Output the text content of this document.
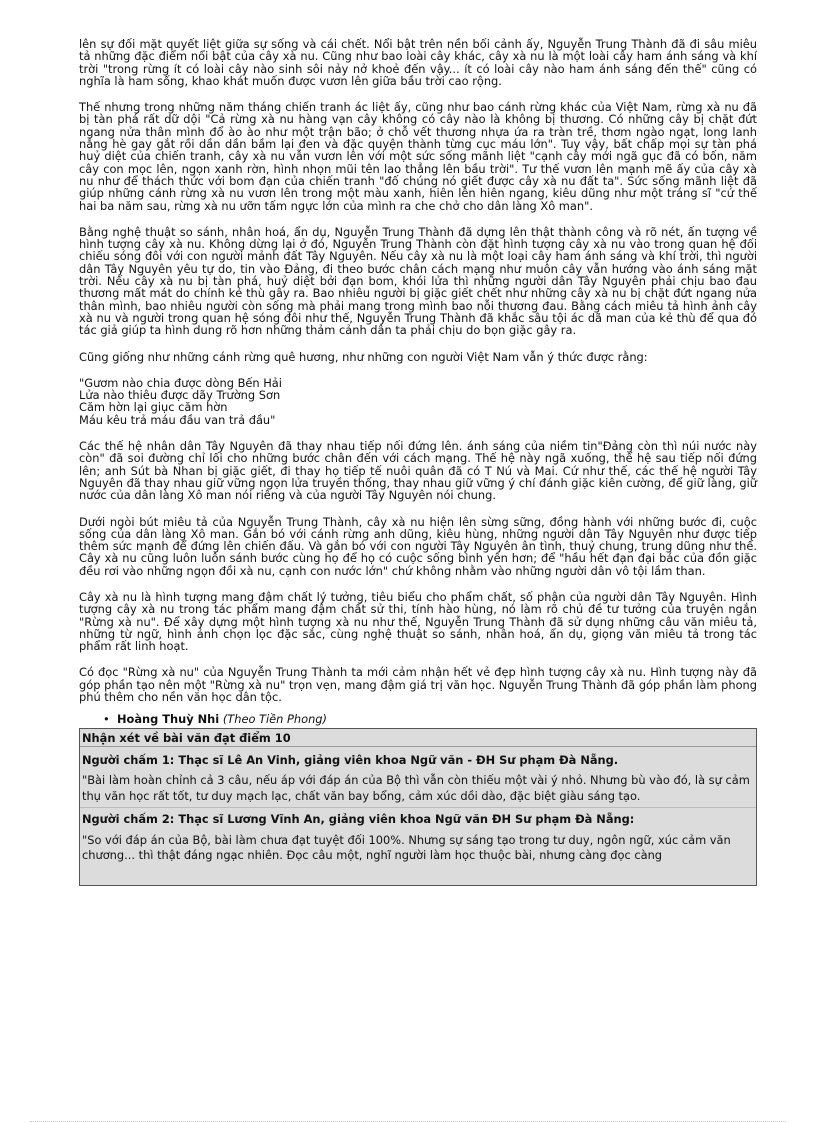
lên sự đối mặt quyết liệt giữa sự sống và cái chết. Nổi bật trên nền bối cảnh ấy, Nguyễn Trung Thành đã đi sâu miêu tả những đặc điểm nổi bật của cây xà nu. Cũng như bao loài cây khác, cây xà nu là một loài cây ham ánh sáng và khí trời "trong rừng ít có loài cây nào sinh sôi nảy nở khoẻ đến vậy... ít có loài cây nào ham ánh sáng đến thế" cũng có nghĩa là ham sống, khao khát muốn được vươn lên giữa bầu trời cao rộng.

Thế nhưng trong những năm tháng chiến tranh ác liệt ấy, cũng như bao cánh rừng khác của Việt Nam, rừng xà nu đã bị tàn phá rất dữ dội "Cả rừng xà nu hàng vạn cây không có cây nào là không bị thương. Có những cây bị chặt đứt ngang nửa thân mình đổ ào ào như một trận bão; ở chỗ vết thương nhựa ứa ra tràn trề, thơm ngào ngạt, long lanh nắng hè gay gắt rồi dần dần bầm lại đen và đặc quyện thành từng cục máu lớn". Tuy vậy, bất chấp mọi sự tàn phá huỷ diệt của chiến tranh, cây xà nu vẫn vươn lên với một sức sống mãnh liệt "cạnh cây mới ngã gục đã có bốn, năm cây con mọc lên, ngọn xanh rờn, hình nhọn mũi tên lao thẳng lên bầu trời". Tư thế vươn lên mạnh mẽ ấy của cây xà nu như để thách thức với bom đạn của chiến tranh "đố chúng nó giết được cây xà nu đất ta". Sức sống mãnh liệt đã giúp những cánh rừng xà nu vươn lên trong một màu xanh, hiên lên hiên ngang, kiêu dũng như một tráng sĩ "cứ thế hai ba năm sau, rừng xà nu ưỡn tấm ngực lớn của mình ra che chở cho dân làng Xô man".

Bằng nghệ thuật so sánh, nhân hoá, ẩn dụ, Nguyễn Trung Thành đã dựng lên thật thành công và rõ nét, ấn tượng về hình tượng cây xà nu. Không dừng lại ở đó, Nguyễn Trung Thành còn đặt hình tượng cây xà nu vào trong quan hệ đối chiếu sóng đôi với con người mảnh đất Tây Nguyên. Nếu cây xà nu là một loại cây ham ánh sáng và khí trời, thì người dân Tây Nguyên yêu tự do, tin vào Đảng, đi theo bước chân cách mạng như muôn cây vẫn hướng vào ánh sáng mặt trời. Nếu cây xà nu bị tàn phá, huỷ diệt bởi đạn bom, khói lửa thì những người dân Tây Nguyên phải chịu bao đau thương mất mát do chính kẻ thù gây ra. Bao nhiêu người bị giặc giết chết như những cây xà nu bị chặt đứt ngang nửa thân mình, bao nhiêu người còn sống mà phải mang trong mình bao nỗi thương đau. Bằng cách miêu tả hình ảnh cây xà nu và người trong quan hệ sóng đôi như thế, Nguyễn Trung Thành đã khắc sâu tội ác dã man của kẻ thù để qua đó tác giả giúp ta hình dung rõ hơn những thảm cảnh dân ta phải chịu do bọn giặc gây ra.

Cũng giống như những cánh rừng quê hương, như những con người Việt Nam vẫn ý thức được rằng:

"Gươm nào chia được dòng Bến Hải
Lửa nào thiêu được dãy Trường Sơn
Căm hờn lại giục căm hờn
Máu kêu trả máu đầu van trả đầu"

Các thế hệ nhân dân Tây Nguyên đã thay nhau tiếp nối đứng lên. ánh sáng của niềm tin"Đảng còn thì núi nước này còn" đã soi đường chỉ lối cho những bước chân đến với cách mạng. Thế hệ này ngã xuống, thế hệ sau tiếp nối đứng lên; anh Sút bà Nhan bị giặc giết, đi thay họ tiếp tế nuôi quân đã có T Nú và Mai. Cứ như thế, các thế hệ người Tây Nguyên đã thay nhau giữ vững ngọn lửa truyền thống, thay nhau giữ vững ý chí đánh giặc kiên cường, để giữ làng, giữ nước của dân làng Xô man nói riêng và của người Tây Nguyên nói chung.

Dưới ngòi bút miêu tả của Nguyễn Trung Thành, cây xà nu hiện lên sừng sững, đồng hành với những bước đi, cuộc sống của dân làng Xô man. Gắn bó với cánh rừng anh dũng, kiêu hùng, những người dân Tây Nguyên như được tiếp thêm sức mạnh để đứng lên chiến đấu. Và gắn bó với con người Tây Nguyên ân tình, thuỷ chung, trung dũng như thế. Cây xà nu cũng luôn luôn sánh bước cùng họ để họ có cuộc sống bình yên hơn; để "hầu hết đạn đại bác của đồn giặc đều rơi vào những ngọn đồi xà nu, cạnh con nước lớn" chứ không nhằm vào những người dân vô tội lầm than.

Cây xà nu là hình tượng mang đậm chất lý tưởng, tiêu biểu cho phẩm chất, số phận của người dân Tây Nguyên. Hình tượng cây xà nu trong tác phẩm mang đậm chất sử thi, tính hào hùng, nó làm rõ chủ đề tư tưởng của truyện ngắn "Rừng xà nu". Để xây dựng một hình tượng xà nu như thế, Nguyễn Trung Thành đã sử dụng những câu văn miêu tả, những từ ngữ, hình ảnh chọn lọc đặc sắc, cùng nghệ thuật so sánh, nhân hoá, ẩn dụ, giọng văn miêu tả trong tác phẩm rất linh hoạt.

Có đọc "Rừng xà nu" của Nguyễn Trung Thành ta mới cảm nhận hết vẻ đẹp hình tượng cây xà nu. Hình tượng này đã góp phần tạo nên một "Rừng xà nu" trọn vẹn, mang đậm giá trị văn học. Nguyễn Trung Thành đã góp phần làm phong phú thêm cho nền văn học dân tộc.

• Hoàng Thuỳ Nhi (Theo Tiền Phong)
Nhận xét về bài văn đạt điểm 10
Người chấm 1: Thạc sĩ Lê An Vinh, giảng viên khoa Ngữ văn - ĐH Sư phạm Đà Nẵng.
"Bài làm hoàn chỉnh cả 3 câu, nếu áp với đáp án của Bộ thì vẫn còn thiếu một vài ý nhỏ. Nhưng bù vào đó, là sự cảm thụ văn học rất tốt, tư duy mạch lạc, chất văn bay bổng, cảm xúc dồi dào, đặc biệt giàu sáng tạo.
Người chấm 2: Thạc sĩ Lương Vĩnh An, giảng viên khoa Ngữ văn ĐH Sư phạm Đà Nẵng:
"So với đáp án của Bộ, bài làm chưa đạt tuyệt đối 100%. Nhưng sự sáng tạo trong tư duy, ngôn ngữ, xúc cảm văn chương... thì thật đáng ngạc nhiên. Đọc câu một, nghĩ người làm học thuộc bài, nhưng càng đọc càng
